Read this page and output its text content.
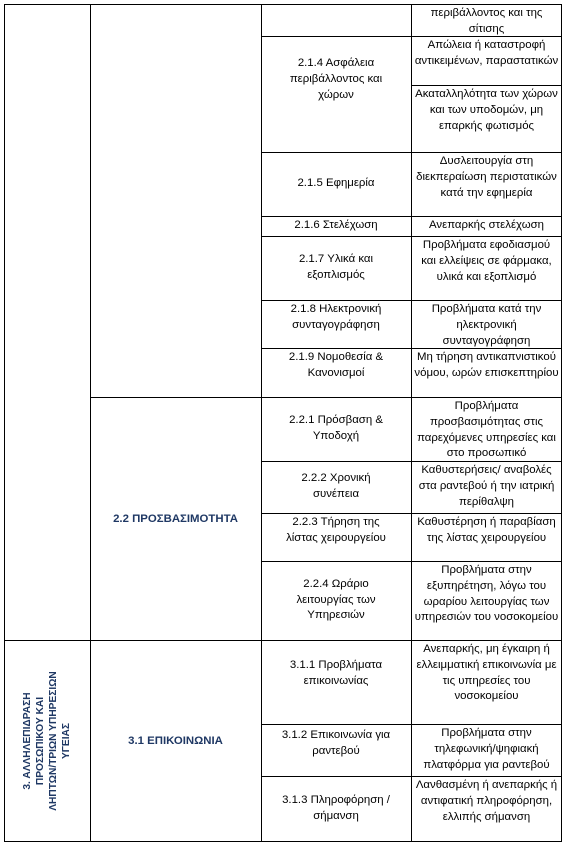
περιβάλλοντος και της σίτισης
2.1.4 Ασφάλεια περιβάλλοντος και χώρων
Απώλεια ή καταστροφή αντικειμένων, παραστατικών
Ακαταλληλότητα των χώρων και των υποδομών, μη επαρκής φωτισμός
2.1.5 Εφημερία
Δυσλειτουργία στη διεκπεραίωση περιστατικών κατά την εφημερία
2.1.6 Στελέχωση	Ανεπαρκής στελέχωση
2.1.7 Υλικά και εξοπλισμός
Προβλήματα εφοδιασμού και ελλείψεις σε φάρμακα, υλικά και εξοπλισμό
2.1.8 Ηλεκτρονική συνταγογράφηση
Προβλήματα κατά την ηλεκτρονική συνταγογράφηση
2.1.9 Νομοθεσία & Κανονισμοί
Μη τήρηση αντικαπνιστικού νόμου, ωρών επισκεπτηρίου
2.2 ΠΡΟΣΒΑΣΙΜΟΤΗΤΑ
2.2.1 Πρόσβαση & Υποδοχή
Προβλήματα προσβασιμότητας στις παρεχόμενες υπηρεσίες και στο προσωπικό
2.2.2 Χρονική συνέπεια
Καθυστερήσεις/ αναβολές στα ραντεβού ή την ιατρική περίθαλψη
2.2.3 Τήρηση της λίστας χειρουργείου
Καθυστέρηση ή παραβίαση της λίστας χειρουργείου
2.2.4 Ωράριο λειτουργίας των Υπηρεσιών
Προβλήματα στην εξυπηρέτηση, λόγω του ωραρίου λειτουργίας των υπηρεσιών του νοσοκομείου
3. ΑΛΛΗΛΕΠΙΔΡΑΣΗ ΠΡΟΣΩΠΙΚΟΥ ΚΑΙ ΛΗΠΤΩΝ/ΤΡΙΩΝ ΥΠΗΡΕΣΙΩΝ ΥΓΕΙΑΣ	3.1 ΕΠΙΚΟΙΝΩΝΙΑ
3.1.1 Προβλήματα επικοινωνίας
Ανεπαρκής, μη έγκαιρη ή ελλειμματική επικοινωνία με τις υπηρεσίες του νοσοκομείου
3.1.2 Επικοινωνία για ραντεβού
Προβλήματα στην τηλεφωνική/ψηφιακή πλατφόρμα για ραντεβού
3.1.3 Πληροφόρηση /σήμανση
Λανθασμένη ή ανεπαρκής ή αντιφατική πληροφόρηση, ελλιπής σήμανση
